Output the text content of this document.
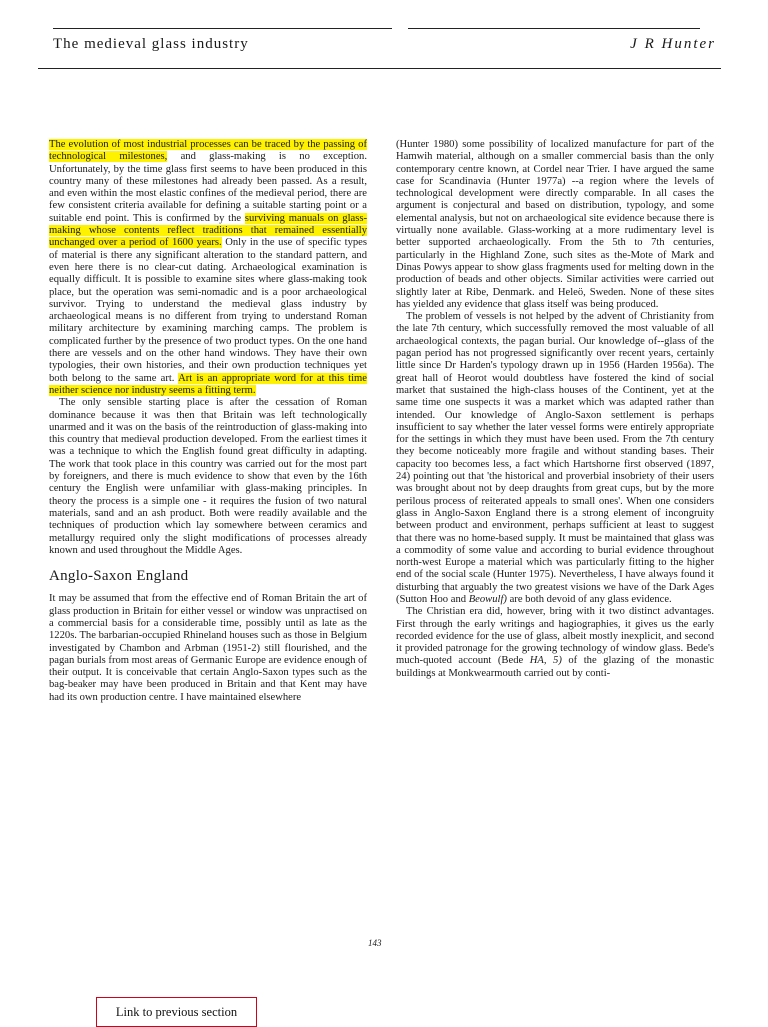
The medieval glass industry	J R Hunter

The evolution of most industrial processes can be traced by the passing of technological milestones, and glass-making is no exception. Unfortunately, by the time glass first seems to have been produced in this country many of these milestones had already been passed. As a result, and even within the most elastic confines of the medieval period, there are few consistent criteria available for defining a suitable starting point or a suitable end point. This is confirmed by the surviving manuals on glass-making whose contents reflect traditions that remained essentially unchanged over a period of 1600 years. Only in the use of specific types of material is there any significant alteration to the standard pattern, and even here there is no clear-cut dating. Archaeological examination is equally difficult. It is possible to examine sites where glass-making took place, but the operation was semi-nomadic and is a poor archaeological survivor. Trying to understand the medieval glass industry by archaeological means is no different from trying to understand Roman military architecture by examining marching camps. The problem is complicated further by the presence of two product types. On the one hand there are vessels and on the other hand windows. They have their own typologies, their own histories, and their own production techniques yet both belong to the same art. Art is an appropriate word for at this time neither science nor industry seems a fitting term.

The only sensible starting place is after the cessation of Roman dominance because it was then that Britain was left technologically unarmed and it was on the basis of the reintroduction of glass-making into this country that medieval production developed. From the earliest times it was a technique to which the English found great difficulty in adapting. The work that took place in this country was carried out for the most part by foreigners, and there is much evidence to show that even by the 16th century the English were unfamiliar with glass-making principles. In theory the process is a simple one - it requires the fusion of two natural materials, sand and an ash product. Both were readily available and the techniques of production which lay somewhere between ceramics and metallurgy required only the slight modifications of processes already known and used throughout the Middle Ages.

Anglo-Saxon England

It may be assumed that from the effective end of Roman Britain the art of glass production in Britain for either vessel or window was unpractised on a commercial basis for a considerable time, possibly until as late as the 1220s. The barbarian-occupied Rhineland houses such as those in Belgium investigated by Chambon and Arbman (1951-2) still flourished, and the pagan burials from most areas of Germanic Europe are evidence enough of their output. It is conceivable that certain Anglo-Saxon types such as the bag-beaker may have been produced in Britain and that Kent may have had its own production centre. I have maintained elsewhere

(Hunter 1980) some possibility of localized manufacture for part of the Hamwih material, although on a smaller commercial basis than the only contemporary centre known, at Cordel near Trier. I have argued the same case for Scandinavia (Hunter 1977a) --a region where the levels of technological development were directly comparable. In all cases the argument is conjectural and based on distribution, typology, and some elemental analysis, but not on archaeological site evidence because there is virtually none available. Glass-working at a more rudimentary level is better supported archaeologically. From the 5th to 7th centuries, particularly in the Highland Zone, such sites as the-Mote of Mark and Dinas Powys appear to show glass fragments used for melting down in the production of beads and other objects. Similar activities were carried out slightly later at Ribe, Denmark. and Heleö, Sweden. None of these sites has yielded any evidence that glass itself was being produced.

The problem of vessels is not helped by the advent of Christianity from the late 7th century, which successfully removed the most valuable of all archaeological contexts, the pagan burial. Our knowledge of--glass of the pagan period has not progressed significantly over recent years, certainly little since Dr Harden's typology drawn up in 1956 (Harden 1956a). The great hall of Heorot would doubtless have fostered the kind of social market that sustained the high-class houses of the Continent, yet at the same time one suspects it was a market which was adapted rather than intended. Our knowledge of Anglo-Saxon settlement is perhaps insufficient to say whether the later vessel forms were entirely appropriate for the settings in which they must have been used. From the 7th century they become noticeably more fragile and without standing bases. Their capacity too becomes less, a fact which Hartshorne first observed (1897, 24) pointing out that 'the historical and proverbial insobriety of their users was brought about not by deep draughts from great cups, but by the more perilous process of reiterated appeals to small ones'. When one considers glass in Anglo-Saxon England there is a strong element of incongruity between product and environment, perhaps sufficient at least to suggest that there was no home-based supply. It must be maintained that glass was a commodity of some value and according to burial evidence throughout north-west Europe a material which was particularly fitting to the higher end of the social scale (Hunter 1975). Nevertheless, I have always found it disturbing that arguably the two greatest visions we have of the Dark Ages (Sutton Hoo and Beowulf) are both devoid of any glass evidence.

The Christian era did, however, bring with it two distinct advantages. First through the early writings and hagiographies, it gives us the early recorded evidence for the use of glass, albeit mostly inexplicit, and second it provided patronage for the growing technology of window glass. Bede's much-quoted account (Bede HA, 5) of the glazing of the monastic buildings at Monkwearmouth carried out by conti-

143
Link to previous section
